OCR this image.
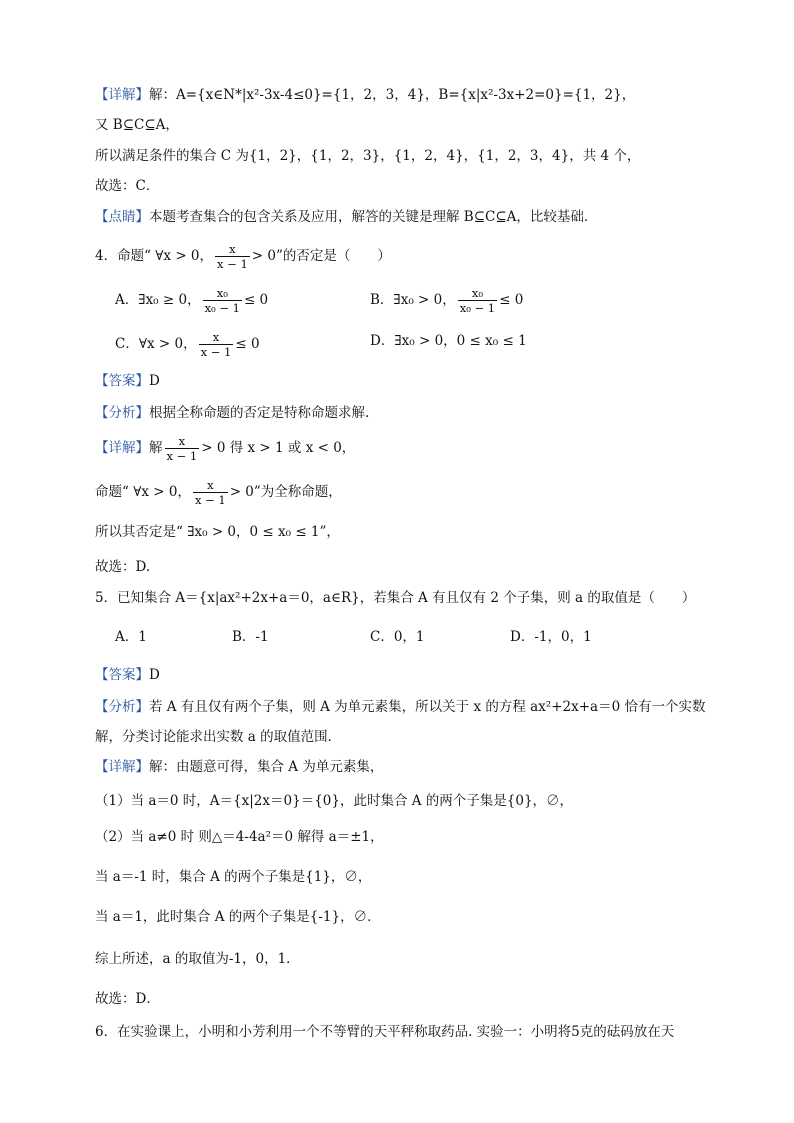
【详解】解：A={x∈N*|x²-3x-4≤0}={1，2，3，4}，B={x|x²-3x+2=0}={1，2}，
又 B⊆C⊆A，
所以满足条件的集合 C 为{1，2}，{1，2，3}，{1，2，4}，{1，2，3，4}，共 4 个，
故选：C．
【点睛】本题考查集合的包含关系及应用，解答的关键是理解 B⊆C⊆A，比较基础．
4．命题“ ∀x > 0， $\frac{x}{x - 1} > 0$”的否定是（　　）
A．∃x₀ ≥ 0， $\frac{\text{x₀}}{\text{x₀ − 1}} \le 0$	B．∃x₀ > 0， $\frac{\text{x₀}}{\text{x₀ − 1}} \le 0$
C．∀x > 0， $\frac{x}{x - 1} \le 0$	D．∃x₀ > 0，0 ≤ x₀ ≤ 1
【答案】D
【分析】根据全称命题的否定是特称命题求解.
【详解】解 $\frac{x}{x - 1} > 0$ 得 x > 1 或 x < 0，
命题“ ∀x > 0， $\frac{x}{x - 1} > 0$”为全称命题，
所以其否定是“ ∃x₀ > 0，0 ≤ x₀ ≤ 1”，
故选：D.
5．已知集合 A＝{x|ax²+2x+a＝0，a∈R}，若集合 A 有且仅有 2 个子集，则 a 的取值是（　　）
A．1	B．-1	C．0，1	D．-1，0，1
【答案】D
【分析】若 A 有且仅有两个子集，则 A 为单元素集，所以关于 x 的方程 ax²+2x+a＝0 恰有一个实数
解，分类讨论能求出实数 a 的取值范围．
【详解】解：由题意可得，集合 A 为单元素集，
（1）当 a＝0 时，A＝{x|2x＝0}＝{0}，此时集合 A 的两个子集是{0}，∅，
（2）当 a≠0 时 则△＝4-4a²＝0 解得 a＝±1，
当 a＝-1 时，集合 A 的两个子集是{1}，∅，
当 a＝1，此时集合 A 的两个子集是{-1}，∅．
综上所述，a 的取值为-1，0，1．
故选：D．
6．在实验课上，小明和小芳利用一个不等臂的天平秤称取药品. 实验一：小明将5克的砝码放在天
